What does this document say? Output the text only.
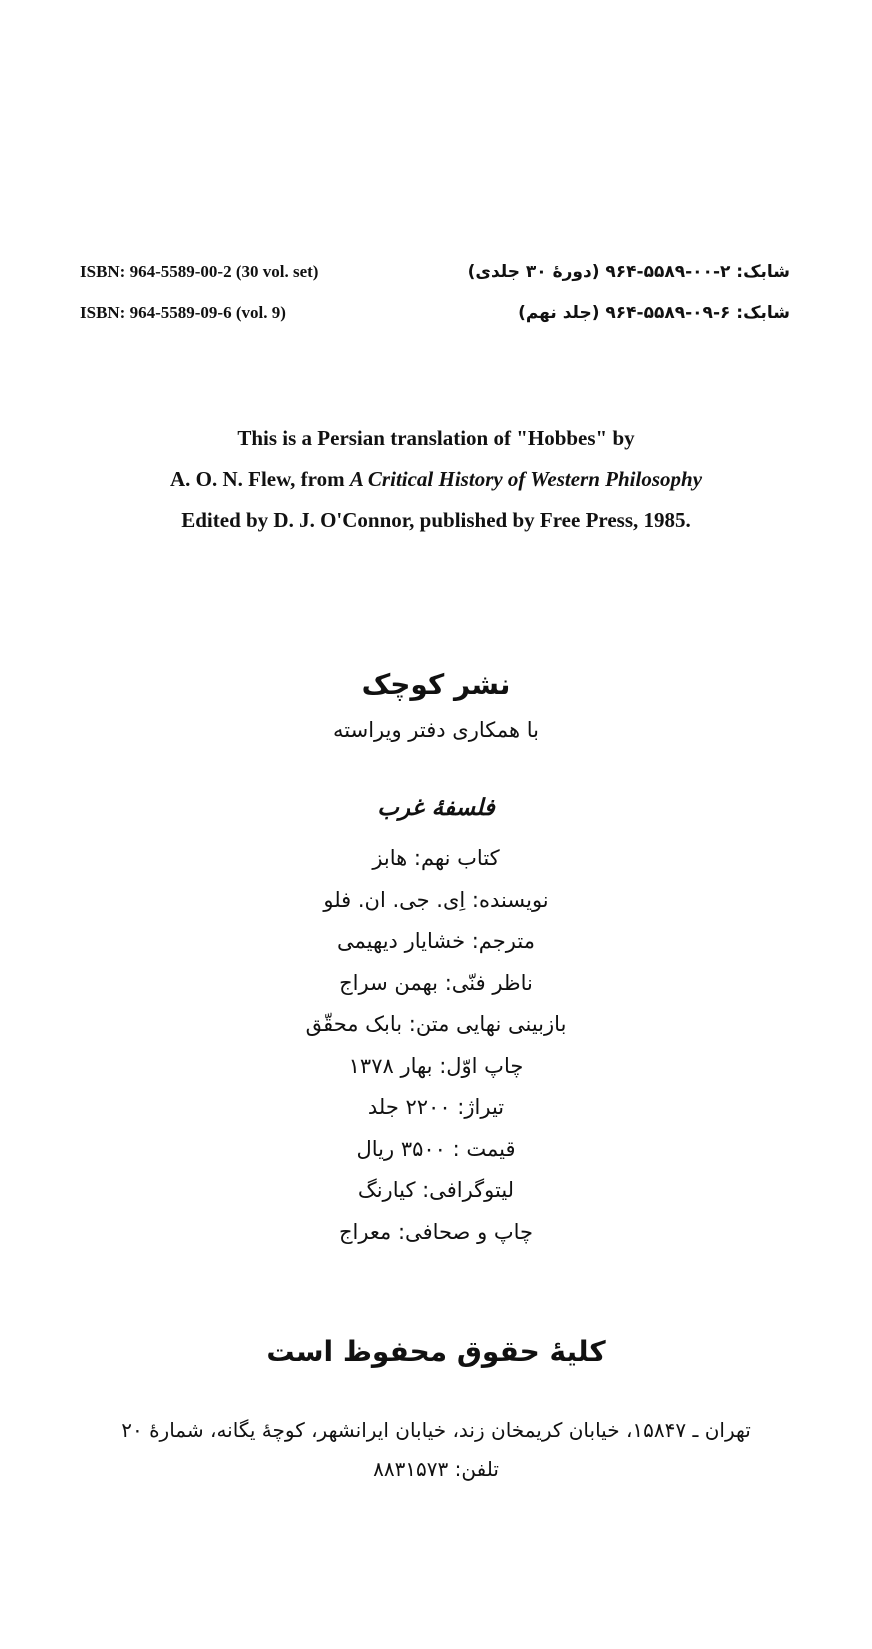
ISBN: 964-5589-00-2 (30 vol. set)	شابک: ۲-۰۰-۵۵۸۹-۹۶۴ (دورهٔ ۳۰ جلدی)
ISBN: 964-5589-09-6 (vol. 9)	شابک: ۶-۰۹-۵۵۸۹-۹۶۴ (جلد نهم)
This is a Persian translation of "Hobbes" by
A. O. N. Flew, from A Critical History of Western Philosophy
Edited by D. J. O'Connor, published by Free Press, 1985.
نشر کوچک
با همکاری دفتر ویراسته
فلسفهٔ غرب
کتاب نهم: هابز
نویسنده: اِی. جی. ان. فلو
مترجم: خشایار دیهیمی
ناظر فنّی: بهمن سراج
بازبینی نهایی متن: بابک محقّق
چاپ اوّل: بهار ۱۳۷۸
تیراژ: ۲۲۰۰ جلد
قیمت : ۳۵۰۰ ریال
لیتوگرافی: کیارنگ
چاپ و صحافی: معراج
کلیهٔ حقوق محفوظ است
تهران ـ ۱۵۸۴۷، خیابان کریمخان زند، خیابان ایرانشهر، کوچهٔ یگانه، شمارهٔ ۲۰
تلفن: ۸۸۳۱۵۷۳
